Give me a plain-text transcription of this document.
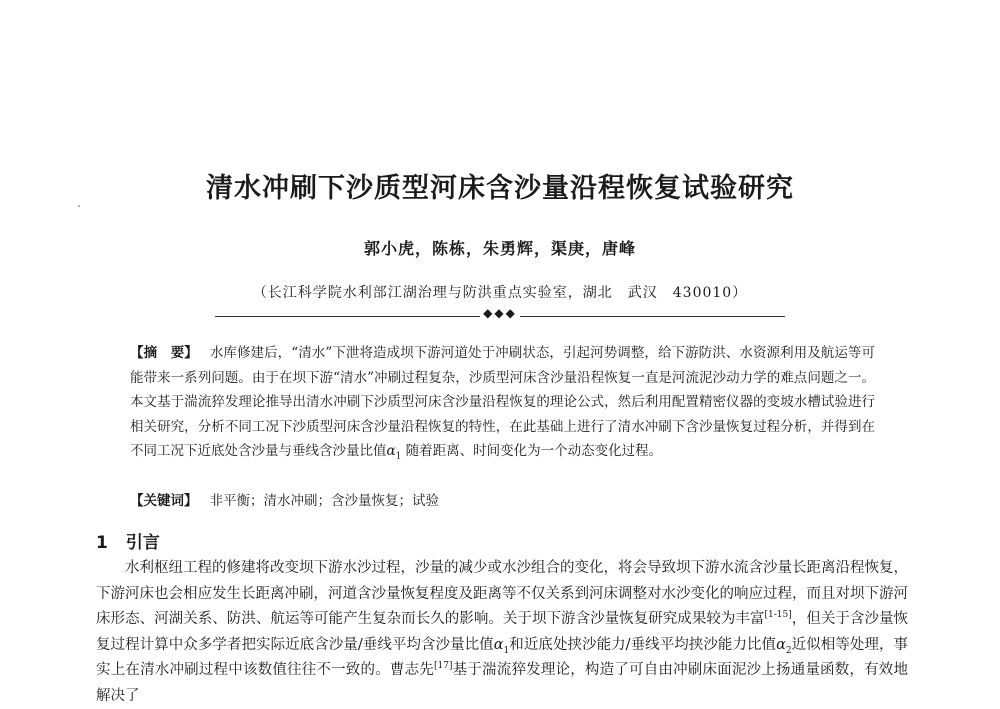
清水冲刷下沙质型河床含沙量沿程恢复试验研究
郭小虎，陈栋，朱勇辉，渠庚，唐峰
（长江科学院水利部江湖治理与防洪重点实验室，湖北　武汉　430010）
◆◆◆
【摘　要】 水库修建后，“清水”下泄将造成坝下游河道处于冲刷状态，引起河势调整，给下游防洪、水资源利用及航运等可能带来一系列问题。由于在坝下游“清水”冲刷过程复杂，沙质型河床含沙量沿程恢复一直是河流泥沙动力学的难点问题之一。本文基于湍流猝发理论推导出清水冲刷下沙质型河床含沙量沿程恢复的理论公式，然后利用配置精密仪器的变坡水槽试验进行相关研究，分析不同工况下沙质型河床含沙量沿程恢复的特性，在此基础上进行了清水冲刷下含沙量恢复过程分析，并得到在不同工况下近底处含沙量与垂线含沙量比值$\alpha_1$ 随着距离、时间变化为一个动态变化过程。
【关键词】 非平衡；清水冲刷；含沙量恢复；试验
1 引言
水利枢纽工程的修建将改变坝下游水沙过程，沙量的减少或水沙组合的变化，将会导致坝下游水流含沙量长距离沿程恢复，下游河床也会相应发生长距离冲刷，河道含沙量恢复程度及距离等不仅关系到河床调整对水沙变化的响应过程，而且对坝下游河床形态、河湖关系、防洪、航运等可能产生复杂而长久的影响。关于坝下游含沙量恢复研究成果较为丰富[1-15]，但关于含沙量恢复过程计算中众多学者把实际近底含沙量/垂线平均含沙量比值$\alpha_1$和近底处挟沙能力/垂线平均挟沙能力比值$\alpha_2$近似相等处理，事实上在清水冲刷过程中该数值往往不一致的。曹志先[17]基于湍流猝发理论，构造了可自由冲刷床面泥沙上扬通量函数，有效地解决了
